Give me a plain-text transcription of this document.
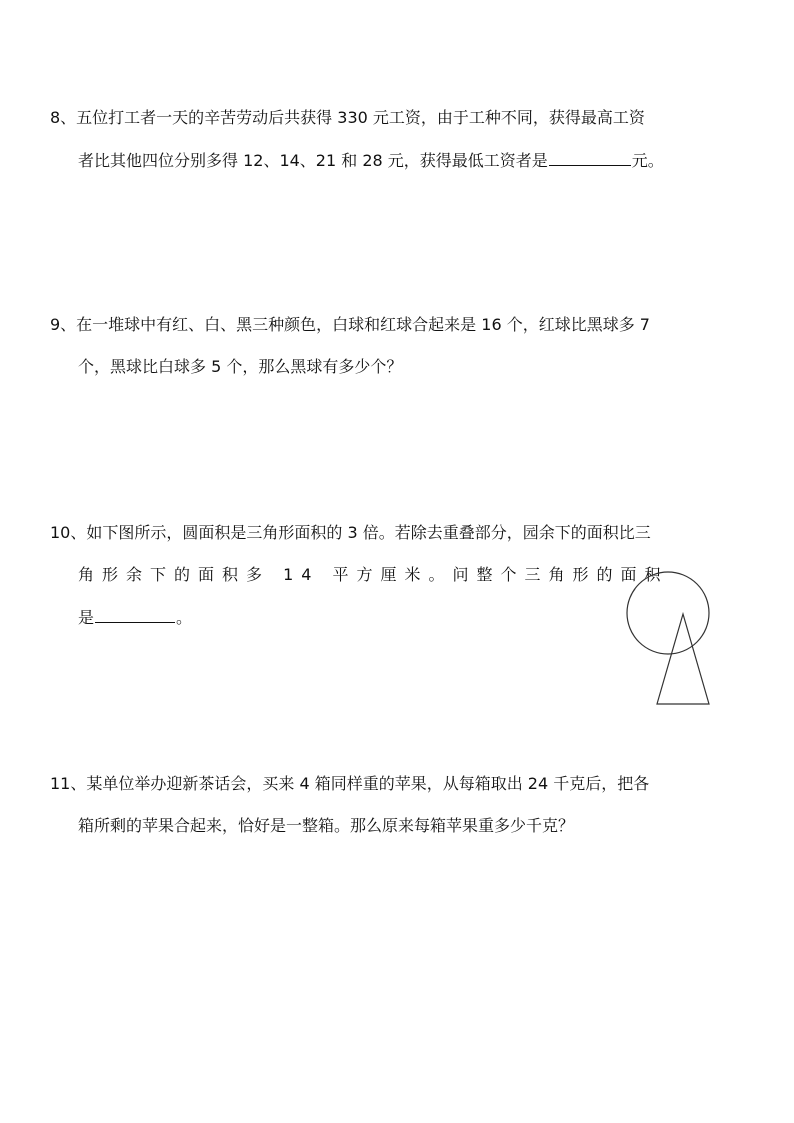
8、五位打工者一天的辛苦劳动后共获得 330 元工资，由于工种不同，获得最高工资
者比其他四位分别多得 12、14、21 和 28 元，获得最低工资者是	元。
9、在一堆球中有红、白、黑三种颜色，白球和红球合起来是 16 个，红球比黑球多 7
个，黑球比白球多 5 个，那么黑球有多少个？
10、如下图所示，圆面积是三角形面积的 3 倍。若除去重叠部分，园余下的面积比三
角形余下的面积多 14 平方厘米。问整个三角形的面积
是	。
11、某单位举办迎新茶话会，买来 4 箱同样重的苹果，从每箱取出 24 千克后，把各
箱所剩的苹果合起来，恰好是一整箱。那么原来每箱苹果重多少千克？
